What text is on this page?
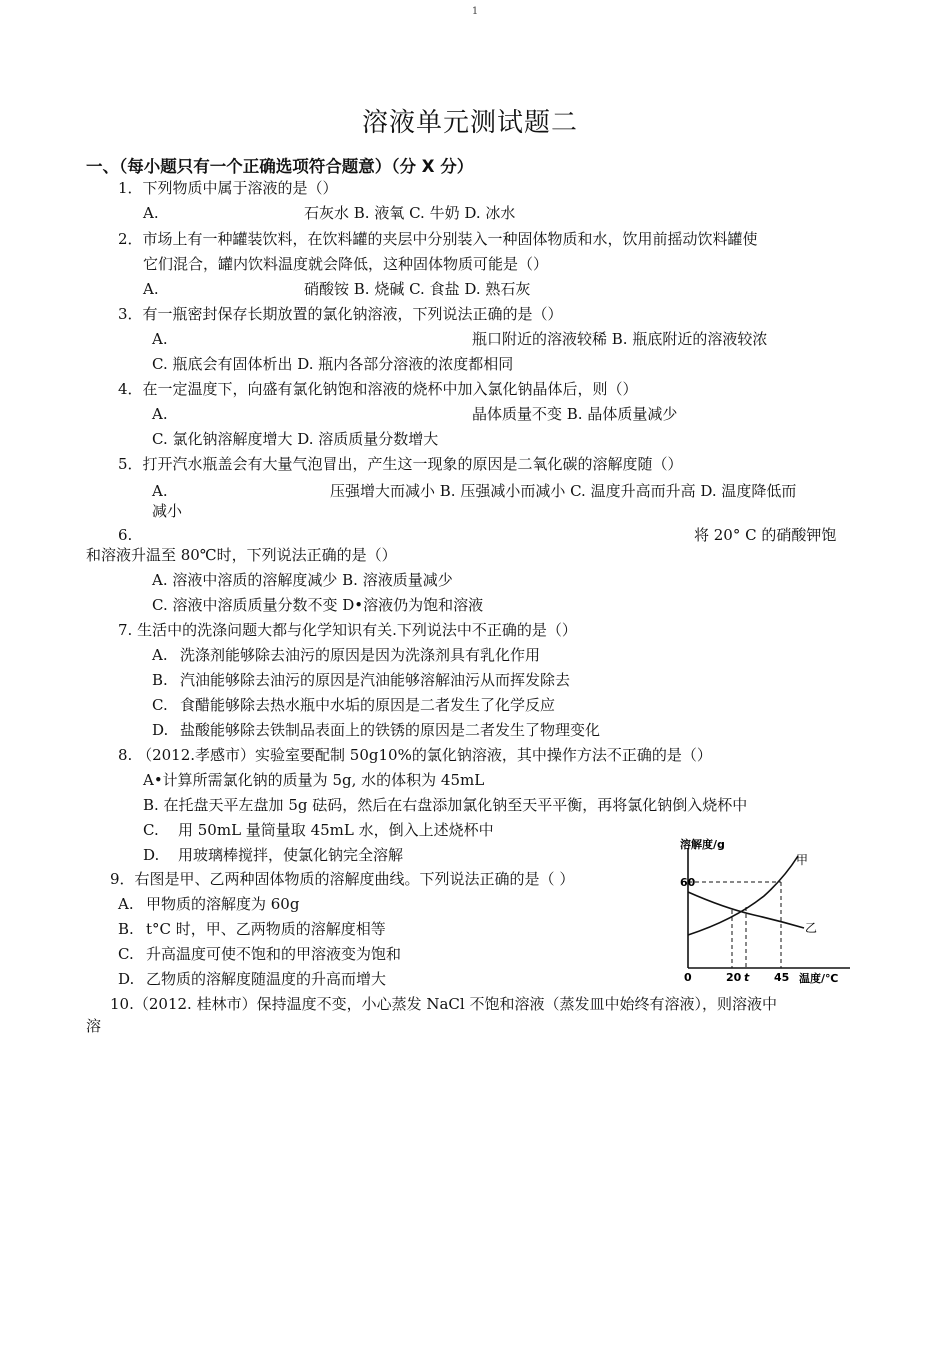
1
溶液单元测试题二
一、（每小题只有一个正确选项符合题意）（分 X 分）
1．下列物质中属于溶液的是（）
A.	石灰水 B. 液氧 C. 牛奶 D. 冰水
2．市场上有一种罐装饮料，在饮料罐的夹层中分别装入一种固体物质和水，饮用前摇动饮料罐使
它们混合，罐内饮料温度就会降低，这种固体物质可能是（）
A.	硝酸铵 B. 烧碱 C. 食盐 D. 熟石灰
3．有一瓶密封保存长期放置的氯化钠溶液，下列说法正确的是（）
A.	瓶口附近的溶液较稀 B. 瓶底附近的溶液较浓
C. 瓶底会有固体析出 D. 瓶内各部分溶液的浓度都相同
4．在一定温度下，向盛有氯化钠饱和溶液的烧杯中加入氯化钠晶体后，则（）
A.	晶体质量不变 B. 晶体质量减少
C. 氯化钠溶解度增大 D. 溶质质量分数增大
5．打开汽水瓶盖会有大量气泡冒出，产生这一现象的原因是二氧化碳的溶解度随（）
A.	压强增大而减小 B. 压强减小而减小 C. 温度升高而升高 D. 温度降低而
减小
6.	将 20° C 的硝酸钾饱
和溶液升温至 80℃时，下列说法正确的是（）
A. 溶液中溶质的溶解度减少 B. 溶液质量减少
C. 溶液中溶质质量分数不变 D•溶液仍为饱和溶液
7. 生活中的洗涤问题大都与化学知识有关.下列说法中不正确的是（）
A. 洗涤剂能够除去油污的原因是因为洗涤剂具有乳化作用
B. 汽油能够除去油污的原因是汽油能够溶解油污从而挥发除去
C. 食醋能够除去热水瓶中水垢的原因是二者发生了化学反应
D. 盐酸能够除去铁制品表面上的铁锈的原因是二者发生了物理变化
8. （2012.孝感市）实验室要配制 50g10%的氯化钠溶液，其中操作方法不正确的是（）
A•计算所需氯化钠的质量为 5g, 水的体积为 45mL
B. 在托盘天平左盘加 5g 砝码，然后在右盘添加氯化钠至天平平衡，再将氯化钠倒入烧杯中
C. 用 50mL 量筒量取 45mL 水，倒入上述烧杯中
D. 用玻璃棒搅拌，使氯化钠完全溶解
9．右图是甲、乙两种固体物质的溶解度曲线。下列说法正确的是（ ）
A. 甲物质的溶解度为 60g
B. t°C 时，甲、乙两物质的溶解度相等
C. 升高温度可使不饱和的甲溶液变为饱和
D. 乙物质的溶解度随温度的升高而增大
10.（2012. 桂林市）保持温度不变，小心蒸发 NaCl 不饱和溶液（蒸发皿中始终有溶液），则溶液中
溶
溶解度/g
温度/℃
60
0	20 t 45
甲
乙
